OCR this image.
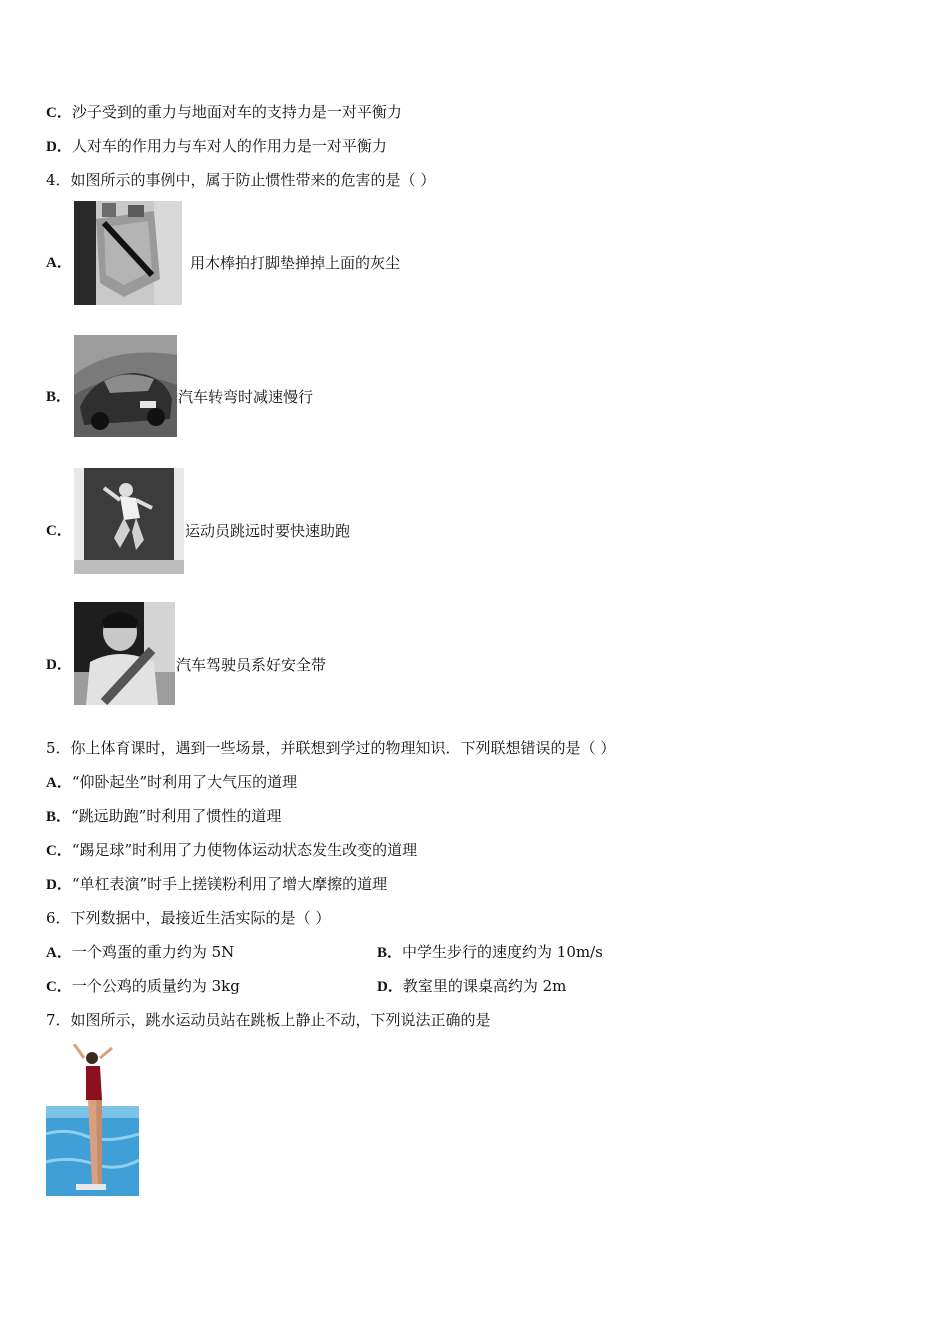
C．沙子受到的重力与地面对车的支持力是一对平衡力
D．人对车的作用力与车对人的作用力是一对平衡力
4．如图所示的事例中，属于防止惯性带来的危害的是（ ）
A．	用木棒拍打脚垫掸掉上面的灰尘
B．	汽车转弯时减速慢行
C．	运动员跳远时要快速助跑
D．	汽车驾驶员系好安全带
5．你上体育课时，遇到一些场景，并联想到学过的物理知识．下列联想错误的是（ ）
A．“仰卧起坐”时利用了大气压的道理
B．“跳远助跑”时利用了惯性的道理
C．“踢足球”时利用了力使物体运动状态发生改变的道理
D．“单杠表演”时手上搓镁粉利用了增大摩擦的道理
6．下列数据中，最接近生活实际的是（ ）
A．一个鸡蛋的重力约为 5N	B．中学生步行的速度约为 10m/s
C．一个公鸡的质量约为 3kg	D．教室里的课桌高约为 2m
7．如图所示，跳水运动员站在跳板上静止不动，下列说法正确的是
